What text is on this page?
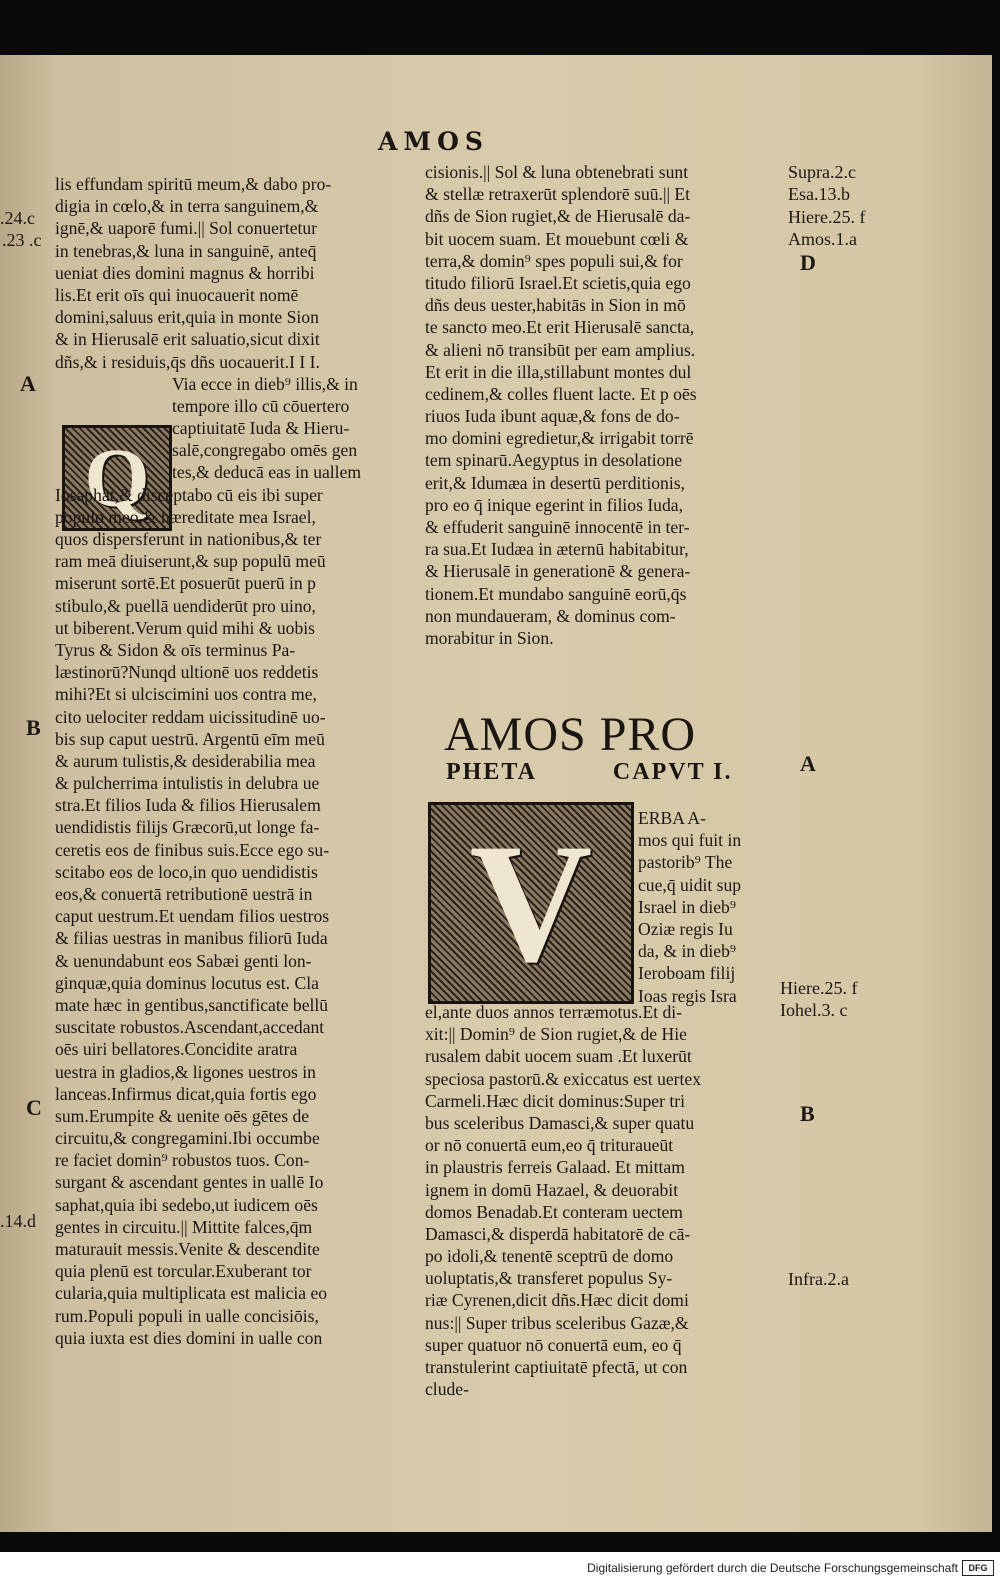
AMOS
Q
V
lis effundam spiritū meum,& dabo pro-
digia in cœlo,& in terra sanguinem,&
ignē,& uaporē fumi.|| Sol conuertetur
in tenebras,& luna in sanguinē, anteq̄
ueniat dies domini magnus & horribi
lis.Et erit oīs qui inuocauerit nomē
domini,saluus erit,quia in monte Sion
& in Hierusalē erit saluatio,sicut dixit
dñs,& i residuis,q̄s dñs uocauerit.I I I.
Via ecce in dieb⁹ illis,& in
tempore illo cū cōuertero
captiuitatē Iuda & Hieru-
salē,congregabo omēs gen
tes,& deducā eas in uallem
Iosaphat,& disceptabo cū eis ibi super
populo meo,& hæreditate mea Israel,
quos dispersferunt in nationibus,& ter
ram meā diuiserunt,& sup populū meū
miserunt sortē.Et posuerūt puerū in p
stibulo,& puellā uendiderūt pro uino,
ut biberent.Verum quid mihi & uobis
Tyrus & Sidon & oīs terminus Pa-
læstinorū?Nunqd ultionē uos reddetis
mihi?Et si ulciscimini uos contra me,
cito uelociter reddam uicissitudinē uo-
bis sup caput uestrū. Argentū eīm meū
& aurum tulistis,& desiderabilia mea
& pulcherrima intulistis in delubra ue
stra.Et filios Iuda & filios Hierusalem
uendidistis filijs Græcorū,ut longe fa-
ceretis eos de finibus suis.Ecce ego su-
scitabo eos de loco,in quo uendidistis
eos,& conuertā retributionē uestrā in
caput uestrum.Et uendam filios uestros
& filias uestras in manibus filiorū Iuda
& uenundabunt eos Sabæi genti lon-
ginquæ,quia dominus locutus est. Cla
mate hæc in gentibus,sanctificate bellū
suscitate robustos.Ascendant,accedant
oēs uiri bellatores.Concidite aratra
uestra in gladios,& ligones uestros in
lanceas.Infirmus dicat,quia fortis ego
sum.Erumpite & uenite oēs gētes de
circuitu,& congregamini.Ibi occumbe
re faciet domin⁹ robustos tuos. Con-
surgant & ascendant gentes in uallē Io
saphat,quia ibi sedebo,ut iudicem oēs
gentes in circuitu.|| Mittite falces,q̄m
maturauit messis.Venite & descendite
quia plenū est torcular.Exuberant tor
cularia,quia multiplicata est malicia eo
rum.Populi populi in ualle concisiōis,
quia iuxta est dies domini in ualle con
cisionis.|| Sol & luna obtenebrati sunt
& stellæ retraxerūt splendorē suū.|| Et
dñs de Sion rugiet,& de Hierusalē da-
bit uocem suam. Et mouebunt cœli &
terra,& domin⁹ spes populi sui,& for
titudo filiorū Israel.Et scietis,quia ego
dñs deus uester,habitās in Sion in mō
te sancto meo.Et erit Hierusalē sancta,
& alieni nō transibūt per eam amplius.
Et erit in die illa,stillabunt montes dul
cedinem,& colles fluent lacte. Et p oēs
riuos Iuda ibunt aquæ,& fons de do-
mo domini egredietur,& irrigabit torrē
tem spinarū.Aegyptus in desolatione
erit,& Idumæa in desertū perditionis,
pro eo q̄ inique egerint in filios Iuda,
& effuderit sanguinē innocentē in ter-
ra sua.Et Iudæa in æternū habitabitur,
& Hierusalē in generationē & genera-
tionem.Et mundabo sanguinē eorū,q̄s
non mundaueram, & dominus com-
morabitur in Sion.
AMOS PRO
PHETA	CAPVT I.
ERBA A-
mos qui fuit in
pastorib⁹ The
cue,q̄ uidit sup
Israel in dieb⁹
Oziæ regis Iu
da, & in dieb⁹
Ieroboam filij
Ioas regis Isra
el,ante duos annos terræmotus.Et di-
xit:|| Domin⁹ de Sion rugiet,& de Hie
rusalem dabit uocem suam .Et luxerūt
speciosa pastorū.& exiccatus est uertex
Carmeli.Hæc dicit dominus:Super tri
bus sceleribus Damasci,& super quatu
or nō conuertā eum,eo q̄ trituraueūt
in plaustris ferreis Galaad. Et mittam
ignem in domū Hazael, & deuorabit
domos Benadab.Et conteram uectem
Damasci,& disperdā habitatorē de cā-
po idoli,& tenentē sceptrū de domo
uoluptatis,& transferet populus Sy-
riæ Cyrenen,dicit dñs.Hæc dicit domi
nus:|| Super tribus sceleribus Gazæ,&
super quatuor nō conuertā eum, eo q̄
transtulerint captiuitatē pfectā, ut con
clude-
.24.c
.23 .c
.14.d
Supra.2.c
Esa.13.b
Hiere.25. f
Amos.1.a
Hiere.25. f
Iohel.3. c
Infra.2.a
A
B
C
D
A
B
Digitalisierung gefördert durch die Deutsche Forschungsgemeinschaft	DFG
